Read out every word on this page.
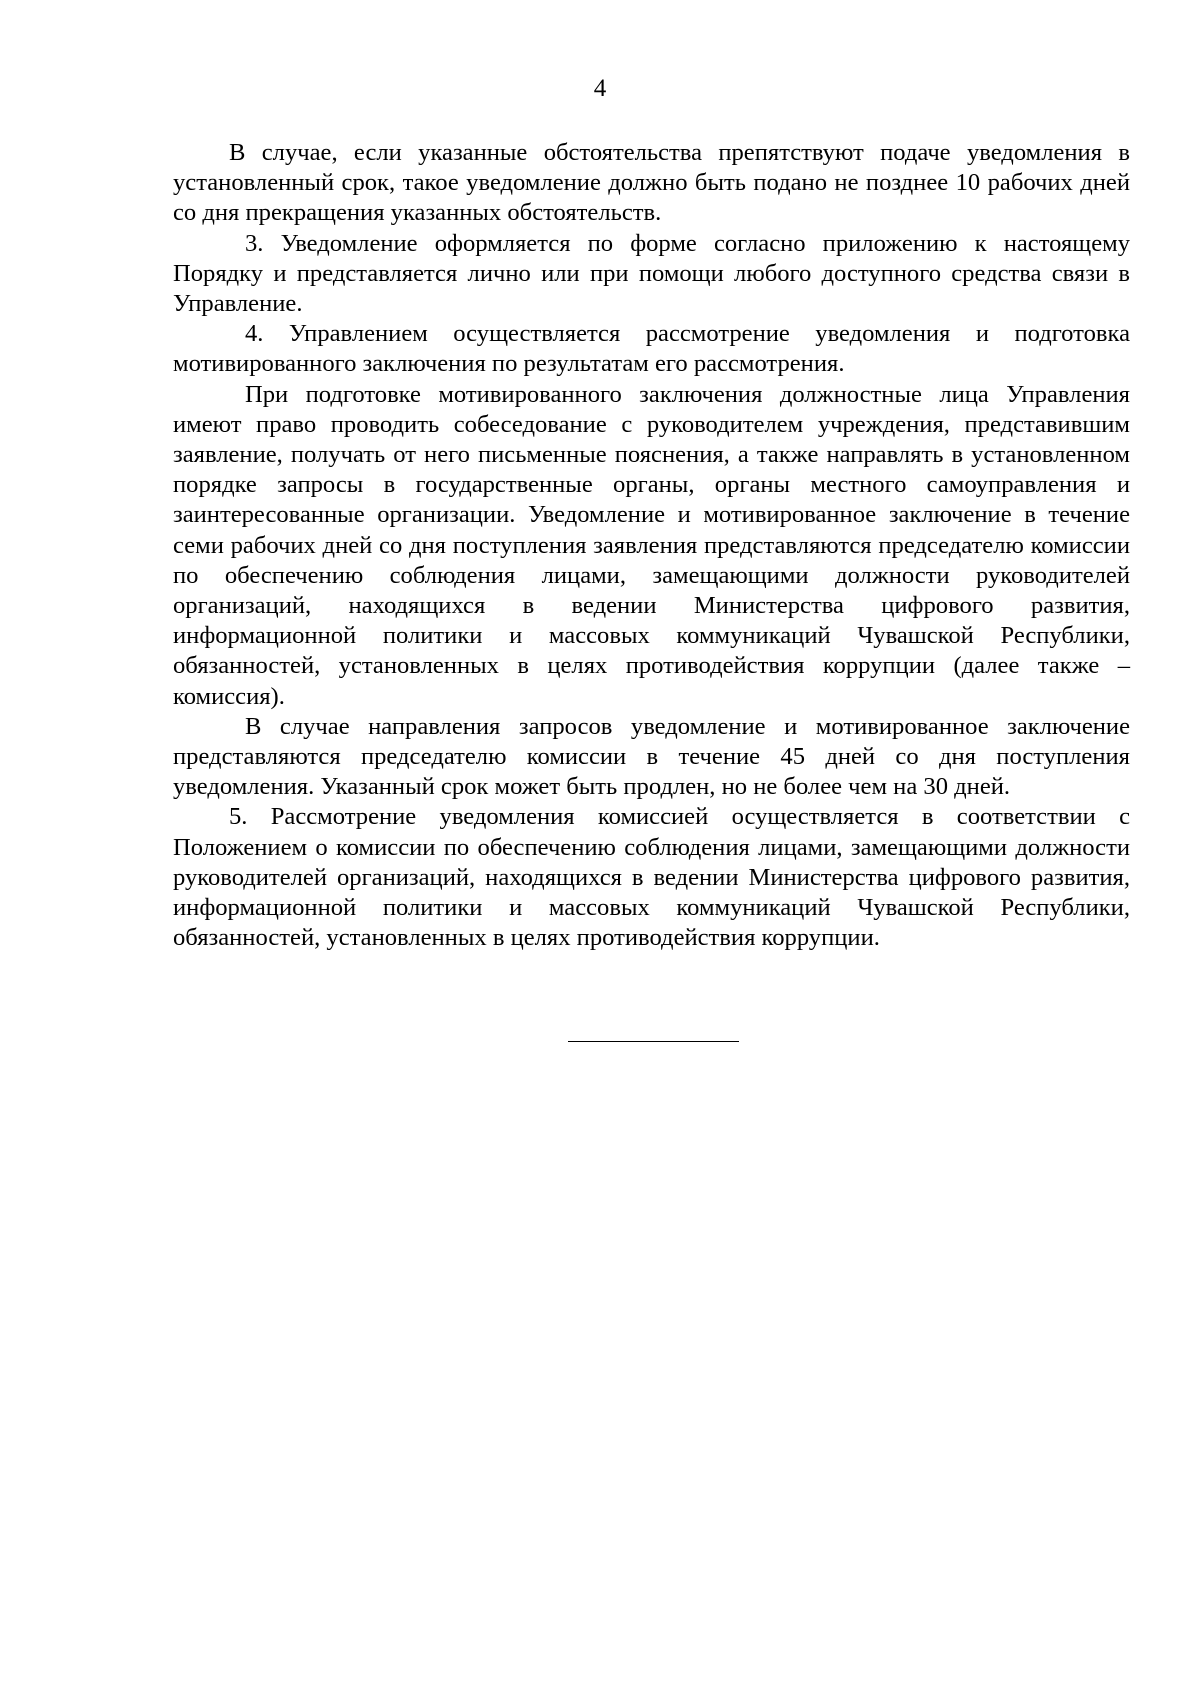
4

В случае, если указанные обстоятельства препятствуют подаче уведомления в установленный срок, такое уведомление должно быть подано не позднее 10 рабочих дней со дня прекращения указанных обстоятельств.

3. Уведомление оформляется по форме согласно приложению к настоящему Порядку и представляется лично или при помощи любого доступного средства связи в Управление.

4. Управлением осуществляется рассмотрение уведомления и подготовка мотивированного заключения по результатам его рассмотрения.

При подготовке мотивированного заключения должностные лица Управления имеют право проводить собеседование с руководителем учреждения, представившим заявление, получать от него письменные пояснения, а также направлять в установленном порядке запросы в государственные органы, органы местного самоуправления и заинтересованные организации. Уведомление и мотивированное заключение в течение семи рабочих дней со дня поступления заявления представляются председателю комиссии по обеспечению соблюдения лицами, замещающими должности руководителей организаций, находящихся в ведении Министерства цифрового развития, информационной политики и массовых коммуникаций Чувашской Республики, обязанностей, установленных в целях противодействия коррупции (далее также – комиссия).

В случае направления запросов уведомление и мотивированное заключение представляются председателю комиссии в течение 45 дней со дня поступления уведомления. Указанный срок может быть продлен, но не более чем на 30 дней.

5. Рассмотрение уведомления комиссией осуществляется в соответствии с Положением о комиссии по обеспечению соблюдения лицами, замещающими должности руководителей организаций, находящихся в ведении Министерства цифрового развития, информационной политики и массовых коммуникаций Чувашской Республики, обязанностей, установленных в целях противодействия коррупции.
